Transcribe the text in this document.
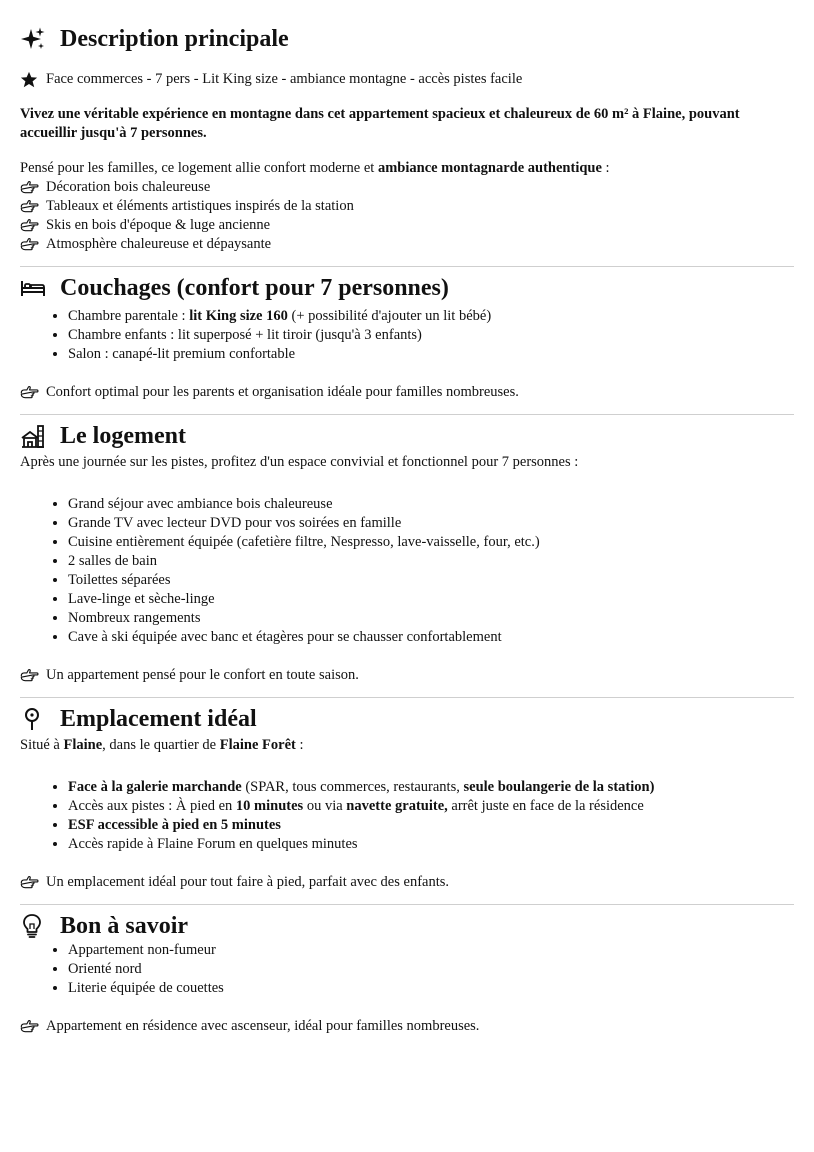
Description principale
Face commerces - 7 pers - Lit King size - ambiance montagne - accès pistes facile

Vivez une véritable expérience en montagne dans cet appartement spacieux et chaleureux de 60 m² à Flaine, pouvant accueillir jusqu'à 7 personnes.

Pensé pour les familles, ce logement allie confort moderne et ambiance montagnarde authentique :

Décoration bois chaleureuse
Tableaux et éléments artistiques inspirés de la station
Skis en bois d'époque & luge ancienne
Atmosphère chaleureuse et dépaysante
Couchages (confort pour 7 personnes)
• Chambre parentale : lit King size 160 (+ possibilité d'ajouter un lit bébé)
• Chambre enfants : lit superposé + lit tiroir (jusqu'à 3 enfants)
• Salon : canapé-lit premium confortable
Confort optimal pour les parents et organisation idéale pour familles nombreuses.
Le logement

Après une journée sur les pistes, profitez d'un espace convivial et fonctionnel pour 7 personnes :

• Grand séjour avec ambiance bois chaleureuse
• Grande TV avec lecteur DVD pour vos soirées en famille
• Cuisine entièrement équipée (cafetière filtre, Nespresso, lave-vaisselle, four, etc.)
• 2 salles de bain
• Toilettes séparées
• Lave-linge et sèche-linge
• Nombreux rangements
• Cave à ski équipée avec banc et étagères pour se chausser confortablement
Un appartement pensé pour le confort en toute saison.
Emplacement idéal

Situé à Flaine, dans le quartier de Flaine Forêt :

• Face à la galerie marchande (SPAR, tous commerces, restaurants, seule boulangerie de la station)
• Accès aux pistes : À pied en 10 minutes ou via navette gratuite, arrêt juste en face de la résidence
• ESF accessible à pied en 5 minutes
• Accès rapide à Flaine Forum en quelques minutes
Un emplacement idéal pour tout faire à pied, parfait avec des enfants.
Bon à savoir
• Appartement non-fumeur
• Orienté nord
• Literie équipée de couettes
Appartement en résidence avec ascenseur, idéal pour familles nombreuses.
